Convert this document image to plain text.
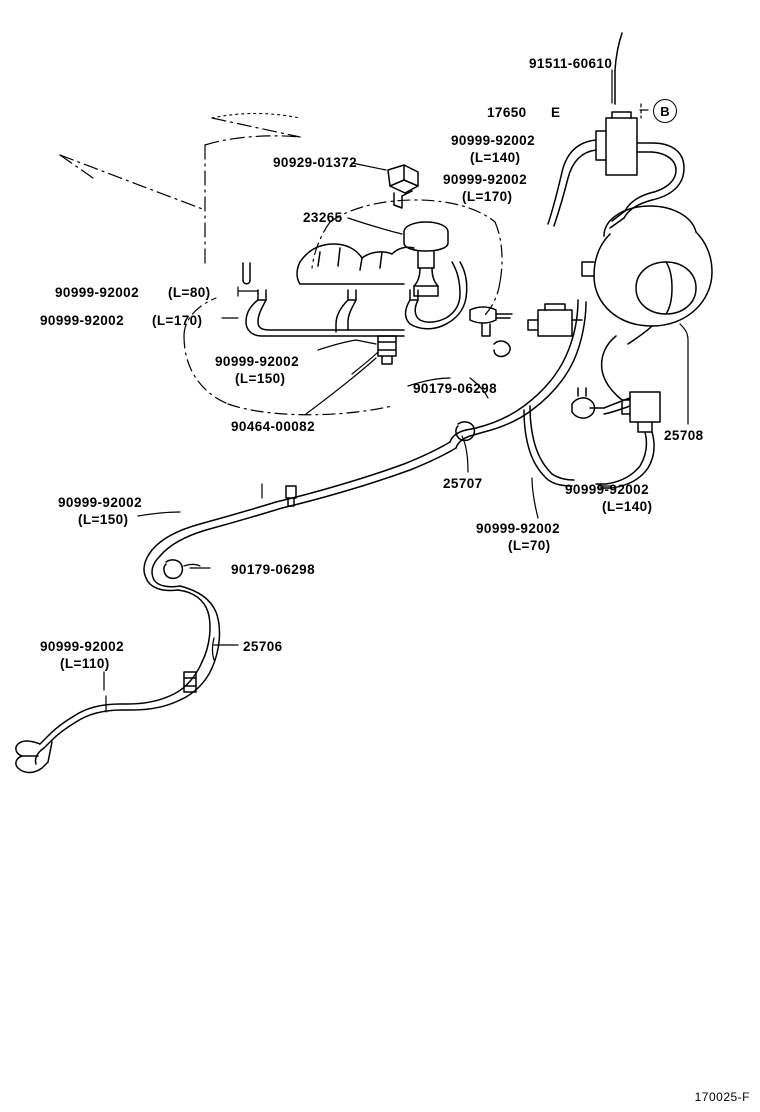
91511-60610
17650 E
90999-92002
(L=140)
90999-92002
(L=170)
90929-01372
23265
90999-92002 (L=80)
90999-92002 (L=170)
90999-92002
(L=150)
90179-06298
90464-00082
25708
25707	90999-92002
(L=140)
90999-92002
(L=70)
90999-92002
(L=150)
90179-06298
90999-92002
(L=110)
25706
B
170025-F
